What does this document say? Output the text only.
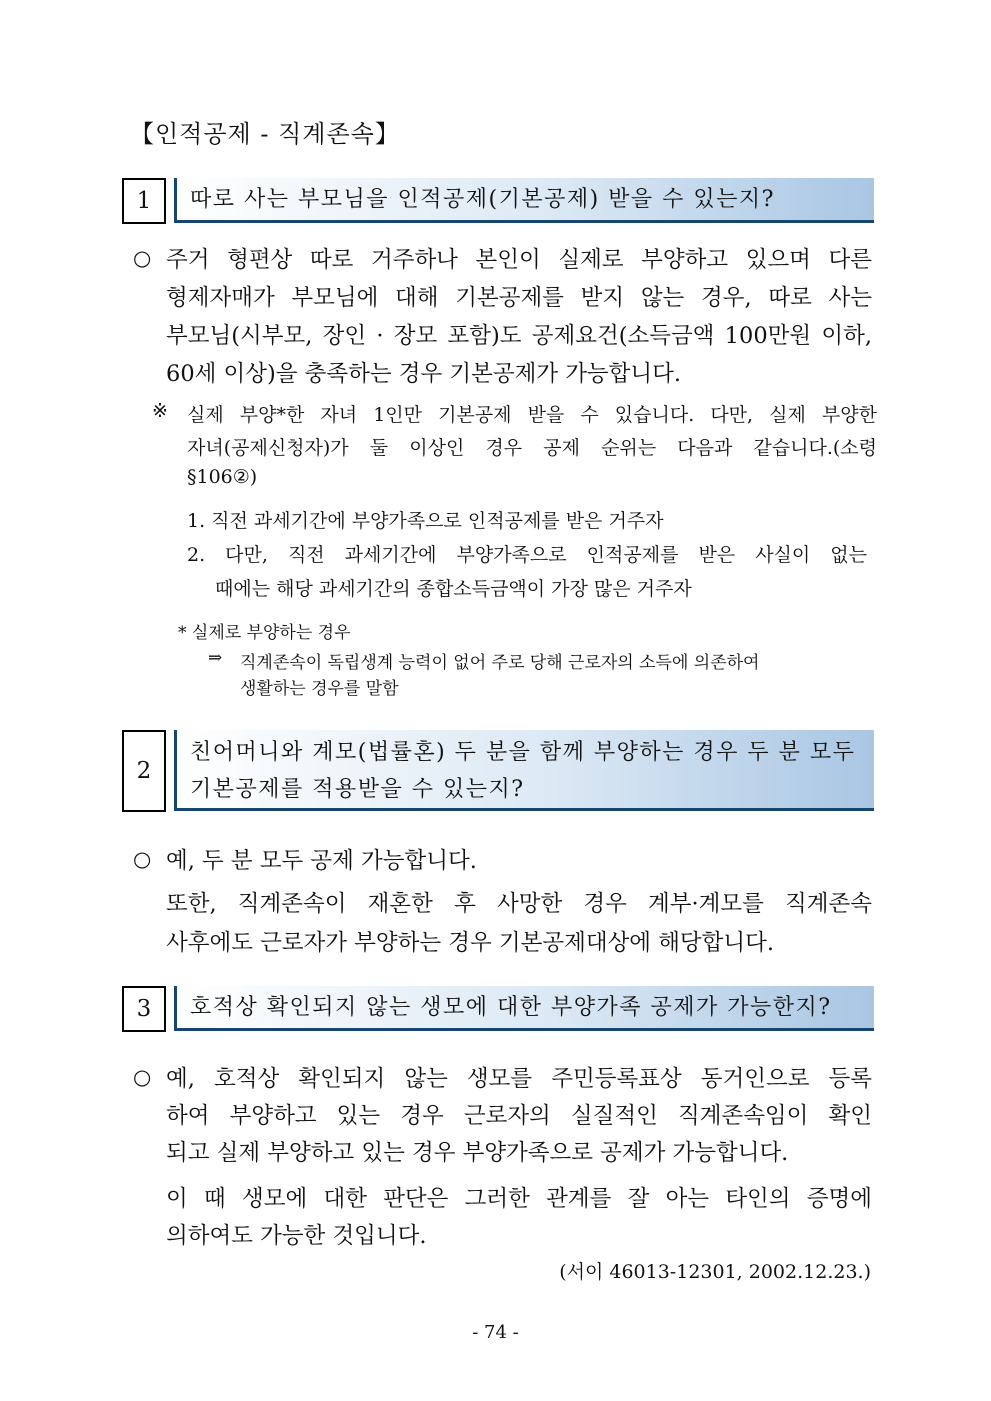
【인적공제 - 직계존속】
1	따로 사는 부모님을 인적공제(기본공제) 받을 수 있는지?
○ 주거 형편상 따로 거주하나 본인이 실제로 부양하고 있으며 다른
형제자매가 부모님에 대해 기본공제를 받지 않는 경우, 따로 사는
부모님(시부모, 장인 · 장모 포함)도 공제요건(소득금액 100만원 이하,
60세 이상)을 충족하는 경우 기본공제가 가능합니다.
※ 실제 부양*한 자녀 1인만 기본공제 받을 수 있습니다. 다만, 실제 부양한
자녀(공제신청자)가 둘 이상인 경우 공제 순위는 다음과 같습니다.(소령
§106②)
1. 직전 과세기간에 부양가족으로 인적공제를 받은 거주자
2. 다만, 직전 과세기간에 부양가족으로 인적공제를 받은 사실이 없는
때에는 해당 과세기간의 종합소득금액이 가장 많은 거주자
* 실제로 부양하는 경우
⇒ 직계존속이 독립생계 능력이 없어 주로 당해 근로자의 소득에 의존하여
생활하는 경우를 말함
2
친어머니와 계모(법률혼) 두 분을 함께 부양하는 경우 두 분 모두
기본공제를 적용받을 수 있는지?
○ 예, 두 분 모두 공제 가능합니다.
또한, 직계존속이 재혼한 후 사망한 경우 계부·계모를 직계존속
사후에도 근로자가 부양하는 경우 기본공제대상에 해당합니다.
3	호적상 확인되지 않는 생모에 대한 부양가족 공제가 가능한지?
○ 예, 호적상 확인되지 않는 생모를 주민등록표상 동거인으로 등록
하여 부양하고 있는 경우 근로자의 실질적인 직계존속임이 확인
되고 실제 부양하고 있는 경우 부양가족으로 공제가 가능합니다.
이 때 생모에 대한 판단은 그러한 관계를 잘 아는 타인의 증명에
의하여도 가능한 것입니다.
(서이 46013-12301, 2002.12.23.)
- 74 -
